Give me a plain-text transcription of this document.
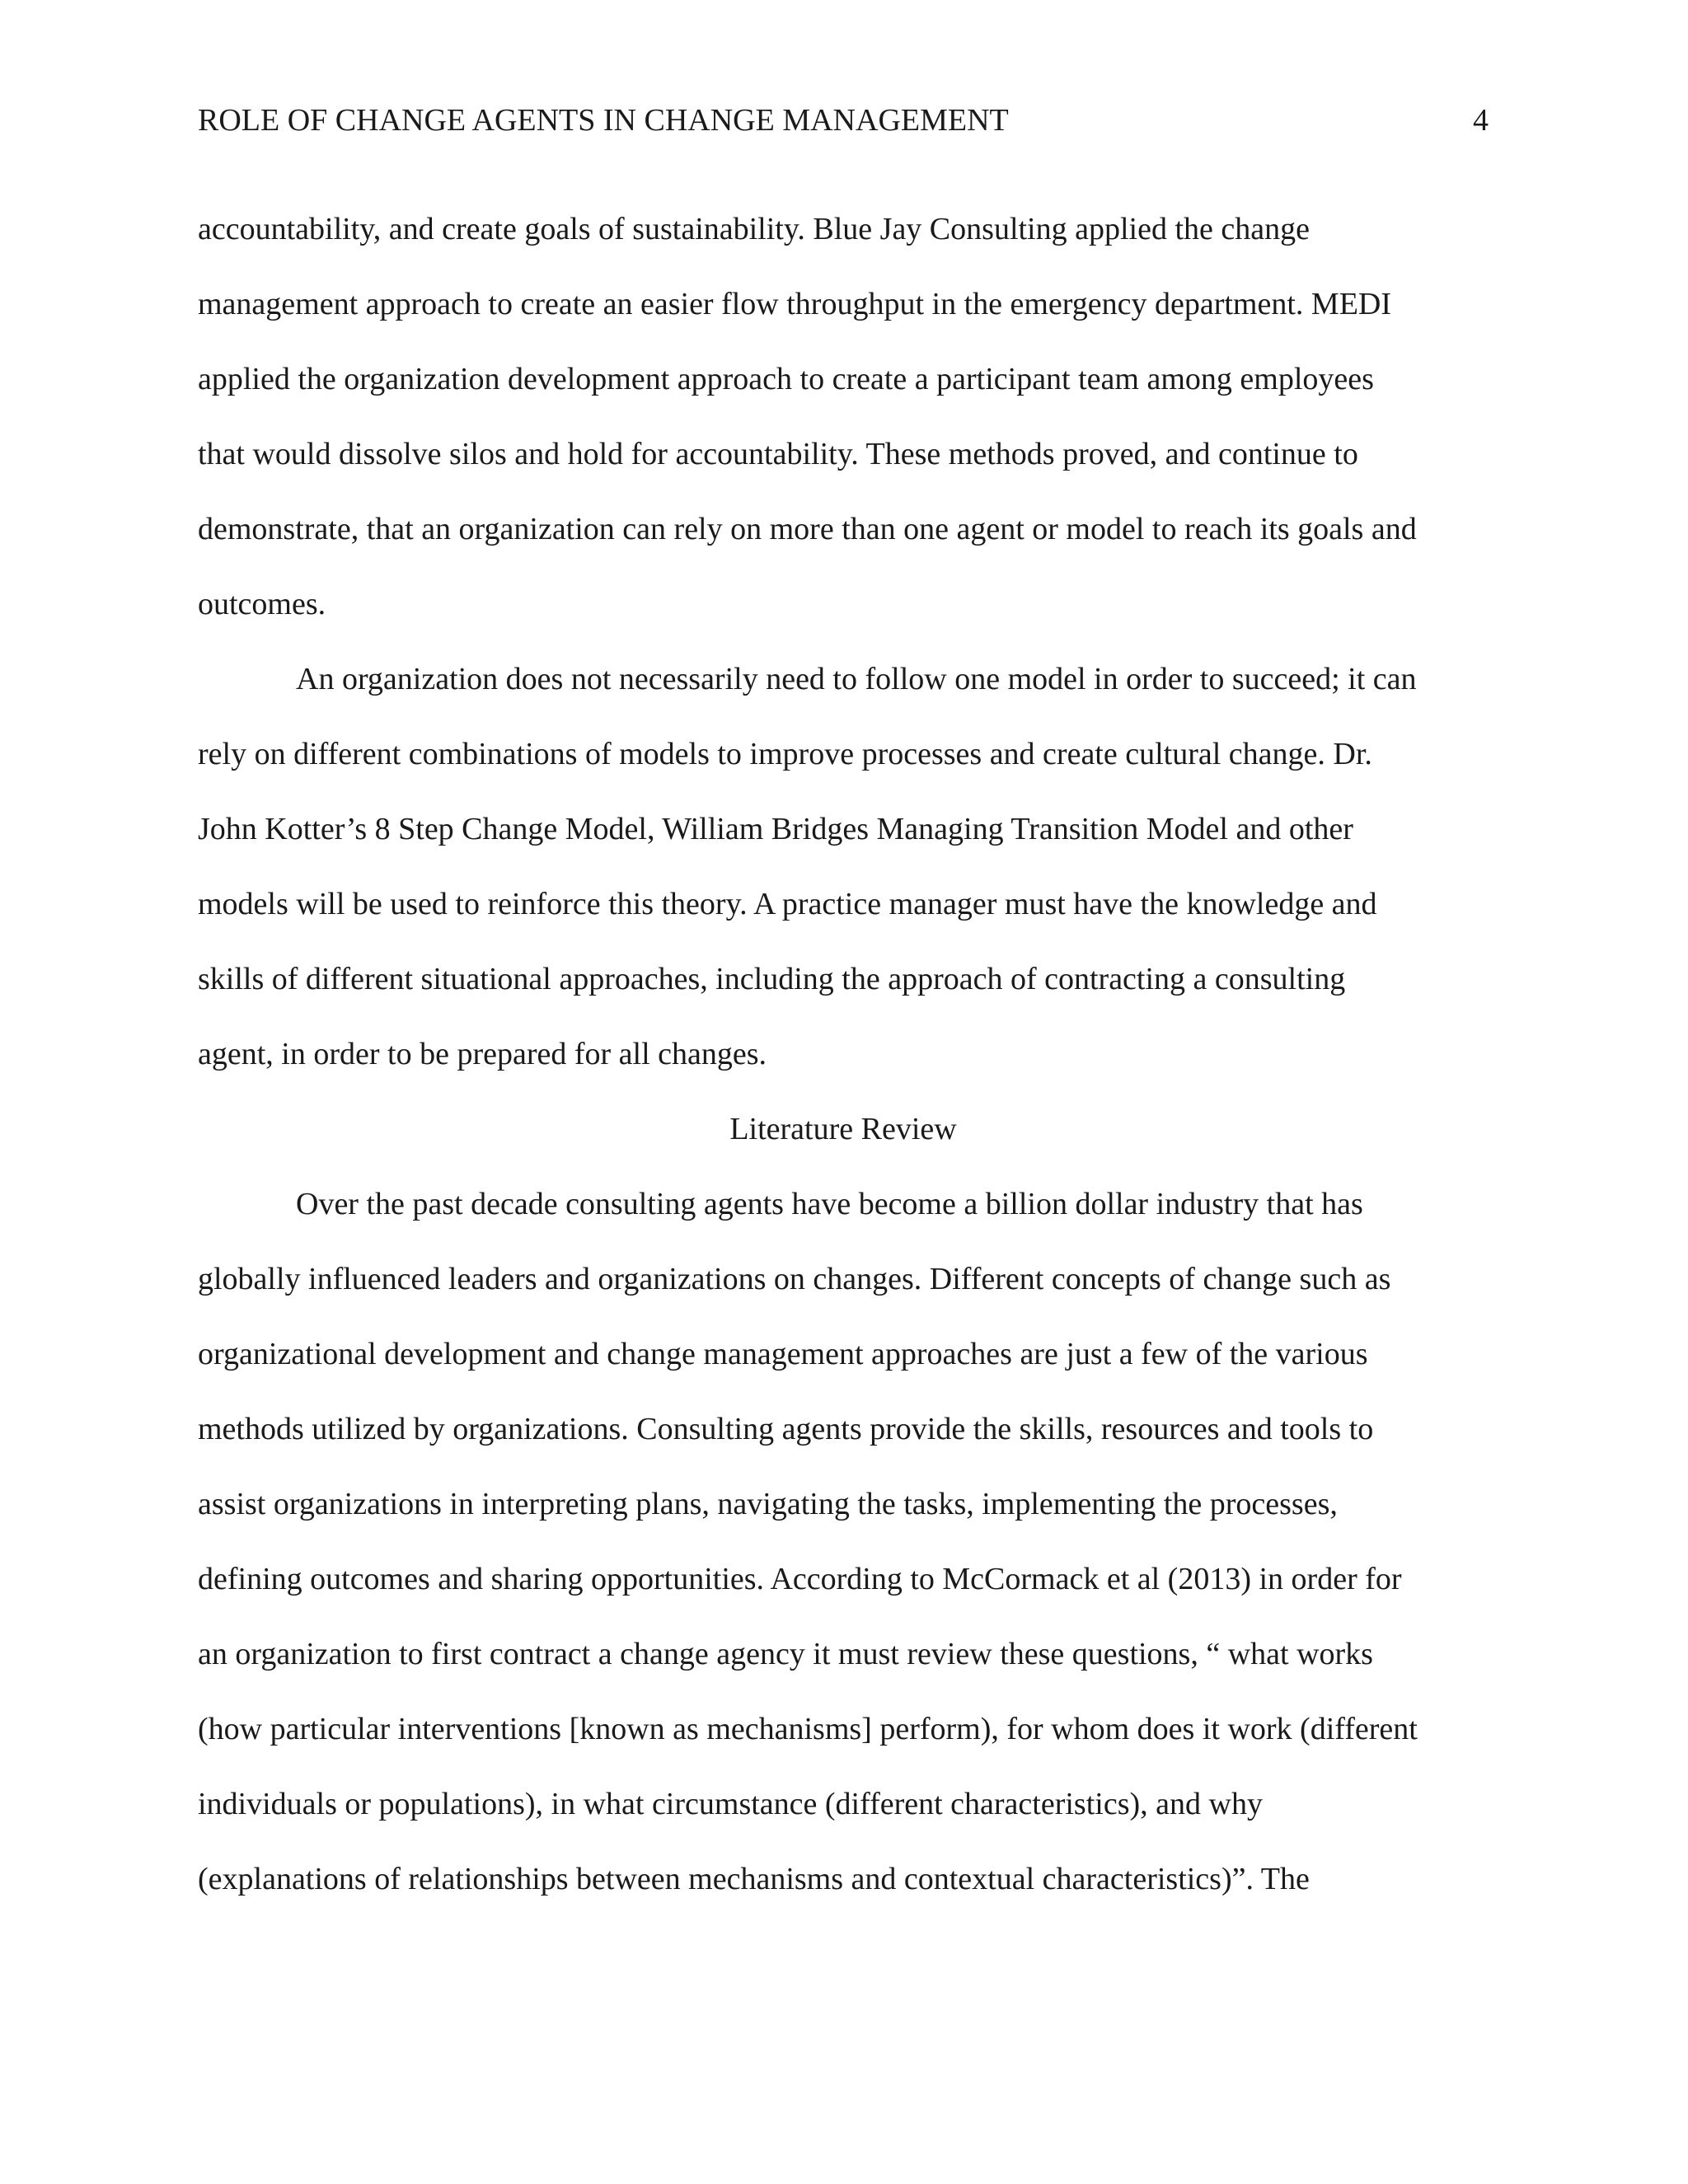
ROLE OF CHANGE AGENTS IN CHANGE MANAGEMENT	4
accountability, and create goals of sustainability. Blue Jay Consulting applied the change
management approach to create an easier flow throughput in the emergency department. MEDI
applied the organization development approach to create a participant team among employees
that would dissolve silos and hold for accountability. These methods proved, and continue to
demonstrate, that an organization can rely on more than one agent or model to reach its goals and
outcomes.
An organization does not necessarily need to follow one model in order to succeed; it can
rely on different combinations of models to improve processes and create cultural change. Dr.
John Kotter’s 8 Step Change Model, William Bridges Managing Transition Model and other
models will be used to reinforce this theory. A practice manager must have the knowledge and
skills of different situational approaches, including the approach of contracting a consulting
agent, in order to be prepared for all changes.
Literature Review
Over the past decade consulting agents have become a billion dollar industry that has
globally influenced leaders and organizations on changes. Different concepts of change such as
organizational development and change management approaches are just a few of the various
methods utilized by organizations. Consulting agents provide the skills, resources and tools to
assist organizations in interpreting plans, navigating the tasks, implementing the processes,
defining outcomes and sharing opportunities. According to McCormack et al (2013) in order for
an organization to first contract a change agency it must review these questions, “ what works
(how particular interventions [known as mechanisms] perform), for whom does it work (different
individuals or populations), in what circumstance (different characteristics), and why
(explanations of relationships between mechanisms and contextual characteristics)”. The
